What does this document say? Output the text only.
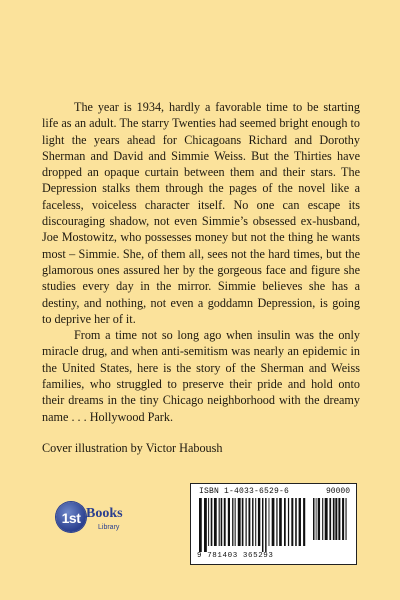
The year is 1934, hardly a favorable time to be starting life as an adult. The starry Twenties had seemed bright enough to light the years ahead for Chicagoans Richard and Dorothy Sherman and David and Simmie Weiss. But the Thirties have dropped an opaque curtain between them and their stars. The Depression stalks them through the pages of the novel like a faceless, voiceless character itself. No one can escape its discouraging shadow, not even Simmie’s obsessed ex-husband, Joe Mostowitz, who possesses money but not the thing he wants most – Simmie. She, of them all, sees not the hard times, but the glamorous ones assured her by the gorgeous face and figure she studies every day in the mirror. Simmie believes she has a destiny, and nothing, not even a goddamn Depression, is going to deprive her of it.

From a time not so long ago when insulin was the only miracle drug, and when anti-semitism was nearly an epidemic in the United States, here is the story of the Sherman and Weiss families, who struggled to preserve their pride and hold onto their dreams in the tiny Chicago neighborhood with the dreamy name . . . Hollywood Park.

Cover illustration by Victor Haboush
1st Books
Library
ISBN 1-4033-6529-6	90000
9 781403 365293
